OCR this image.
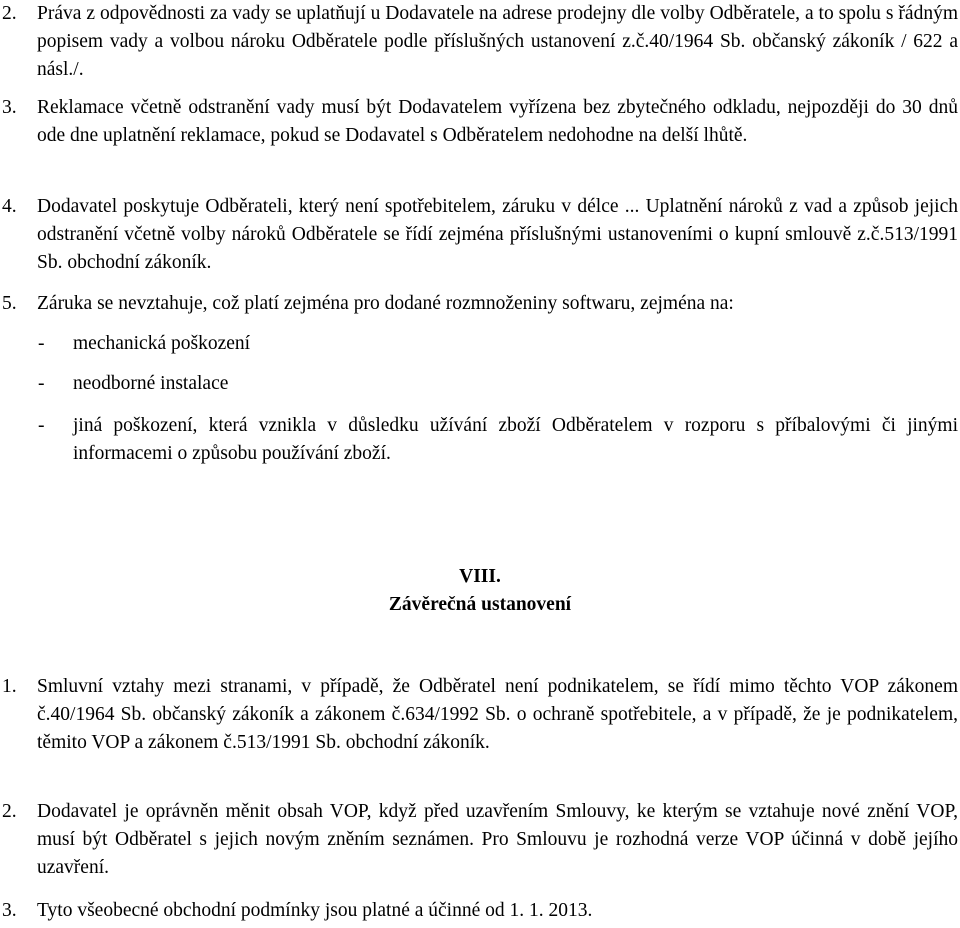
2. Práva z odpovědnosti za vady se uplatňují u Dodavatele na adrese prodejny dle volby Odběratele, a to spolu s řádným popisem vady a volbou nároku Odběratele podle příslušných ustanovení z.č.40/1964 Sb. občanský zákoník / 622 a násl./.
3. Reklamace včetně odstranění vady musí být Dodavatelem vyřízena bez zbytečného odkladu, nejpozději do 30 dnů ode dne uplatnění reklamace, pokud se Dodavatel s Odběratelem nedohodne na delší lhůtě.
4. Dodavatel poskytuje Odběrateli, který není spotřebitelem, záruku v délce ... Uplatnění nároků z vad a způsob jejich odstranění včetně volby nároků Odběratele se řídí zejména příslušnými ustanoveními o kupní smlouvě z.č.513/1991 Sb. obchodní zákoník.
5. Záruka se nevztahuje, což platí zejména pro dodané rozmnoženiny softwaru, zejména na:
- mechanická poškození
- neodborné instalace
- jiná poškození, která vznikla v důsledku užívání zboží Odběratelem v rozporu s příbalovými či jinými informacemi o způsobu používání zboží.
VIII.
Závěrečná ustanovení
1. Smluvní vztahy mezi stranami, v případě, že Odběratel není podnikatelem, se řídí mimo těchto VOP zákonem č.40/1964 Sb. občanský zákoník a zákonem č.634/1992 Sb. o ochraně spotřebitele, a v případě, že je podnikatelem, těmito VOP a zákonem č.513/1991 Sb. obchodní zákoník.
2. Dodavatel je oprávněn měnit obsah VOP, když před uzavřením Smlouvy, ke kterým se vztahuje nové znění VOP, musí být Odběratel s jejich novým zněním seznámen. Pro Smlouvu je rozhodná verze VOP účinná v době jejího uzavření.
3. Tyto všeobecné obchodní podmínky jsou platné a účinné od 1. 1. 2013.
